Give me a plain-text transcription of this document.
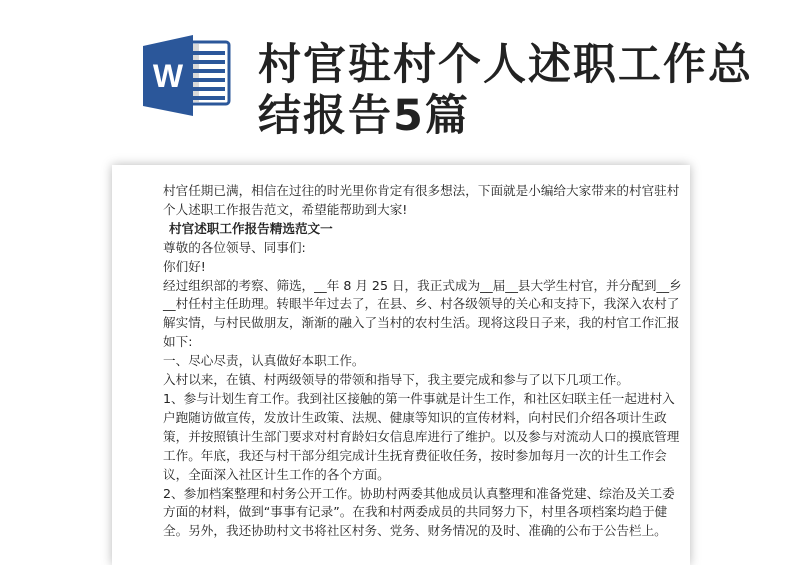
W 村官驻村个人述职工作总结报告5篇

村官任期已满，相信在过往的时光里你肯定有很多想法，下面就是小编给大家带来的村官驻村个人述职工作报告范文，希望能帮助到大家!

村官述职工作报告精选范文一

尊敬的各位领导、同事们:

你们好!

经过组织部的考察、筛选，__年 8 月 25 日，我正式成为__届__县大学生村官，并分配到__乡__村任村主任助理。转眼半年过去了，在县、乡、村各级领导的关心和支持下，我深入农村了解实情，与村民做朋友，渐渐的融入了当村的农村生活。现将这段日子来，我的村官工作汇报如下:

一、尽心尽责，认真做好本职工作。

入村以来，在镇、村两级领导的带领和指导下，我主要完成和参与了以下几项工作。

1、参与计划生育工作。我到社区接触的第一件事就是计生工作，和社区妇联主任一起进村入户跑随访做宣传，发放计生政策、法规、健康等知识的宣传材料，向村民们介绍各项计生政策，并按照镇计生部门要求对村育龄妇女信息库进行了维护。以及参与对流动人口的摸底管理工作。年底，我还与村干部分组完成计生抚育费征收任务，按时参加每月一次的计生工作会议，全面深入社区计生工作的各个方面。

2、参加档案整理和村务公开工作。协助村两委其他成员认真整理和准备党建、综治及关工委方面的材料，做到“事事有记录”。在我和村两委成员的共同努力下，村里各项档案均趋于健全。另外，我还协助村文书将社区村务、党务、财务情况的及时、准确的公布于公告栏上。
